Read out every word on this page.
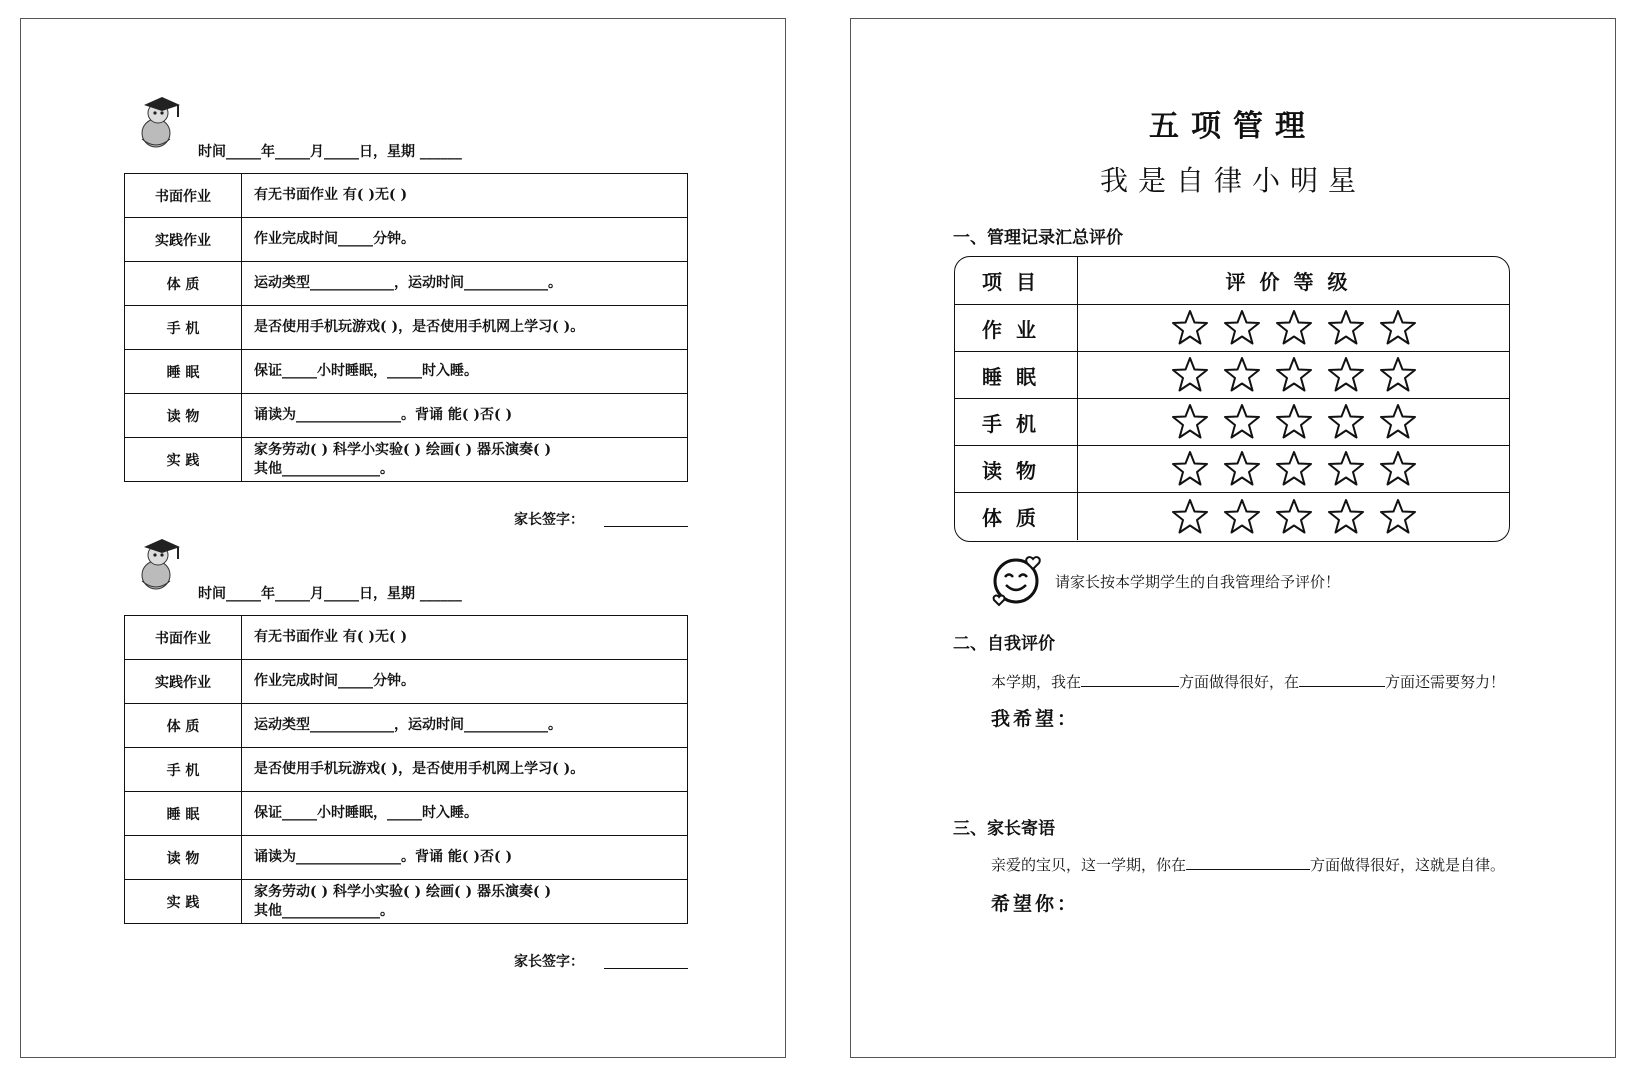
时间_____年_____月_____日，星期 ______
书面作业	有无书面作业 有( )无( )
实践作业	作业完成时间_____分钟。
体 质	运动类型____________，运动时间____________。
手 机	是否使用手机玩游戏( )，是否使用手机网上学习( )。
睡 眠	保证_____小时睡眠，_____时入睡。
读 物	诵读为_______________。背诵 能( )否( )
实 践	家务劳动( ) 科学小实验( ) 绘画( ) 器乐演奏( )
其他______________。
家长签字：
时间_____年_____月_____日，星期 ______
书面作业	有无书面作业 有( )无( )
实践作业	作业完成时间_____分钟。
体 质	运动类型____________，运动时间____________。
手 机	是否使用手机玩游戏( )，是否使用手机网上学习( )。
睡 眠	保证_____小时睡眠，_____时入睡。
读 物	诵读为_______________。背诵 能( )否( )
实 践	家务劳动( ) 科学小实验( ) 绘画( ) 器乐演奏( )
其他______________。
家长签字：
五项管理
我是自律小明星
一、管理记录汇总评价
项目	评价等级
作业
睡眠
手机
读物
体质
请家长按本学期学生的自我管理给予评价！
二、自我评价
本学期，我在	方面做得很好，在	方面还需要努力！
我希望：
三、家长寄语
亲爱的宝贝，这一学期，你在	方面做得很好，这就是自律。
希望你：
